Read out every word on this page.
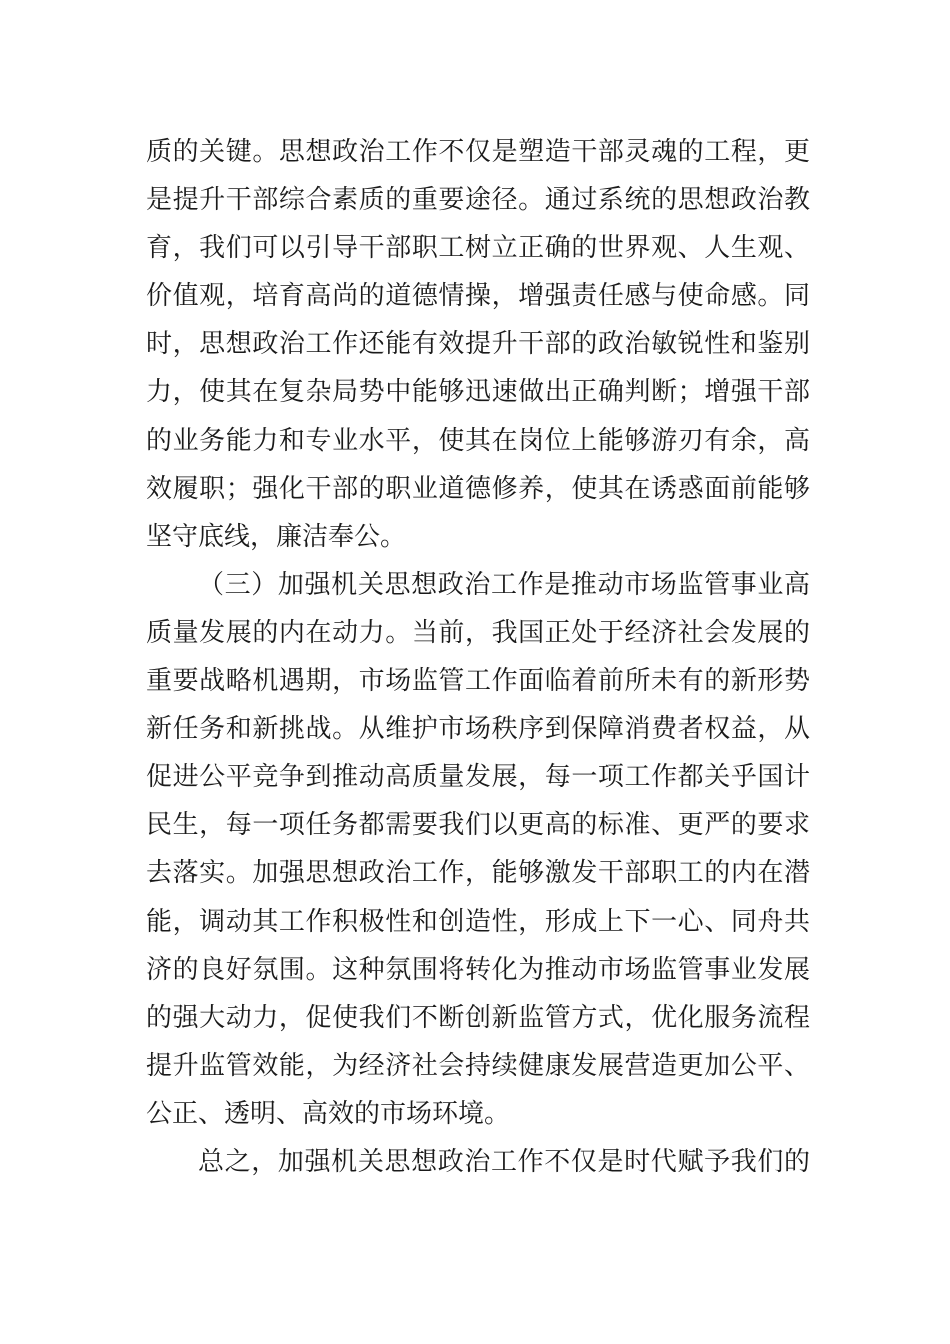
质的关键。思想政治工作不仅是塑造干部灵魂的工程，更
是提升干部综合素质的重要途径。通过系统的思想政治教
育，我们可以引导干部职工树立正确的世界观、人生观、
价值观，培育高尚的道德情操，增强责任感与使命感。同
时，思想政治工作还能有效提升干部的政治敏锐性和鉴别
力，使其在复杂局势中能够迅速做出正确判断；增强干部
的业务能力和专业水平，使其在岗位上能够游刃有余，高
效履职；强化干部的职业道德修养，使其在诱惑面前能够
坚守底线，廉洁奉公。
（三）加强机关思想政治工作是推动市场监管事业高
质量发展的内在动力。当前，我国正处于经济社会发展的
重要战略机遇期，市场监管工作面临着前所未有的新形势
新任务和新挑战。从维护市场秩序到保障消费者权益，从
促进公平竞争到推动高质量发展，每一项工作都关乎国计
民生，每一项任务都需要我们以更高的标准、更严的要求
去落实。加强思想政治工作，能够激发干部职工的内在潜
能，调动其工作积极性和创造性，形成上下一心、同舟共
济的良好氛围。这种氛围将转化为推动市场监管事业发展
的强大动力，促使我们不断创新监管方式，优化服务流程
提升监管效能，为经济社会持续健康发展营造更加公平、
公正、透明、高效的市场环境。
总之，加强机关思想政治工作不仅是时代赋予我们的
